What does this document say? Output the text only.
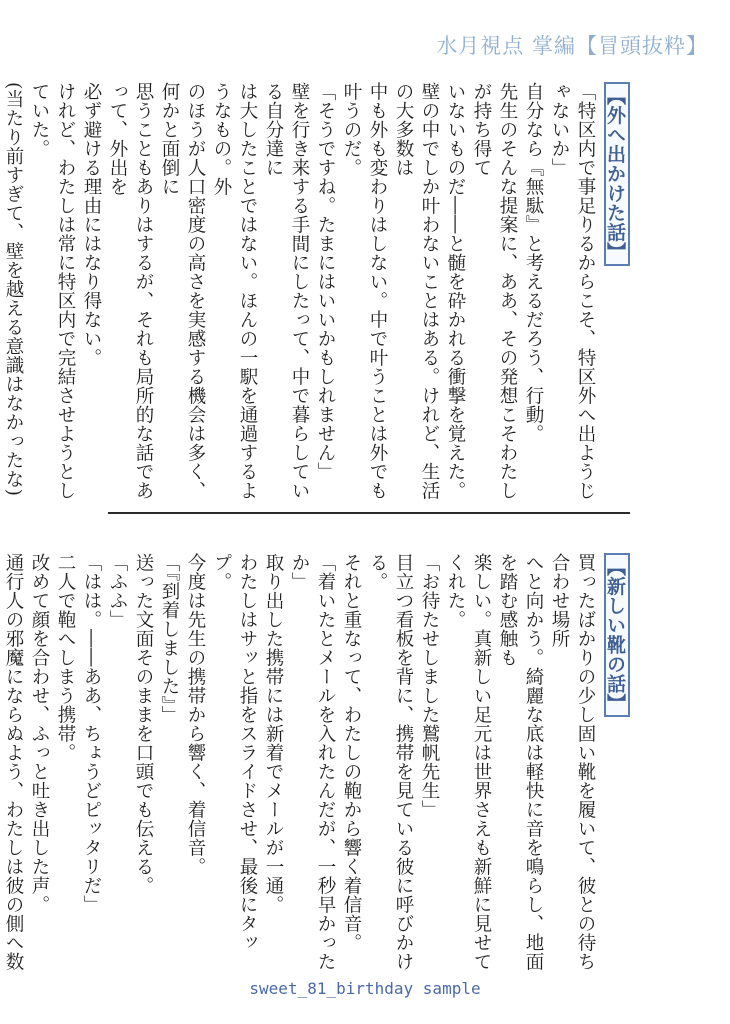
水月視点 掌編【冒頭抜粋】
【外へ出かけた話】
「特区内で事足りるからこそ、特区外へ出ようじゃないか」
自分なら『無駄』と考えるだろう、行動。
先生のそんな提案に、ああ、その発想こそわたしが持ち得て
いないものだ――と髄を砕かれる衝撃を覚えた。
壁の中でしか叶わないことはある。けれど、生活の大多数は
中も外も変わりはしない。中で叶うことは外でも叶うのだ。
「そうですね。たまにはいいかもしれません」
壁を行き来する手間にしたって、中で暮らしている自分達に
は大したことではない。ほんの一駅を通過するようなもの。外
のほうが人口密度の高さを実感する機会は多く、何かと面倒に
思うこともありはするが、それも局所的な話であって、外出を
必ず避ける理由にはなり得ない。
けれど、わたしは常に特区内で完結させようとしていた。
(当たり前すぎて、壁を越える意識はなかったな)
【新しい靴の話】
買ったばかりの少し固い靴を履いて、彼との待ち合わせ場所
へと向かう。綺麗な底は軽快に音を鳴らし、地面を踏む感触も
楽しい。真新しい足元は世界さえも新鮮に見せてくれた。
「お待たせしました鷲帆先生」
目立つ看板を背に、携帯を見ている彼に呼びかける。
それと重なって、わたしの鞄から響く着信音。
「着いたとメールを入れたんだが、一秒早かったか」
取り出した携帯には新着でメールが一通。
わたしはサッと指をスライドさせ、最後にタップ。
今度は先生の携帯から響く、着信音。
「『到着しました』」
送った文面そのままを口頭でも伝える。
「ふふ」
「はは。――ああ、ちょうどピッタリだ」
二人で鞄へしまう携帯。
改めて顔を合わせ、ふっと吐き出した声。
通行人の邪魔にならぬよう、わたしは彼の側へ数
sweet_81_birthday sample
